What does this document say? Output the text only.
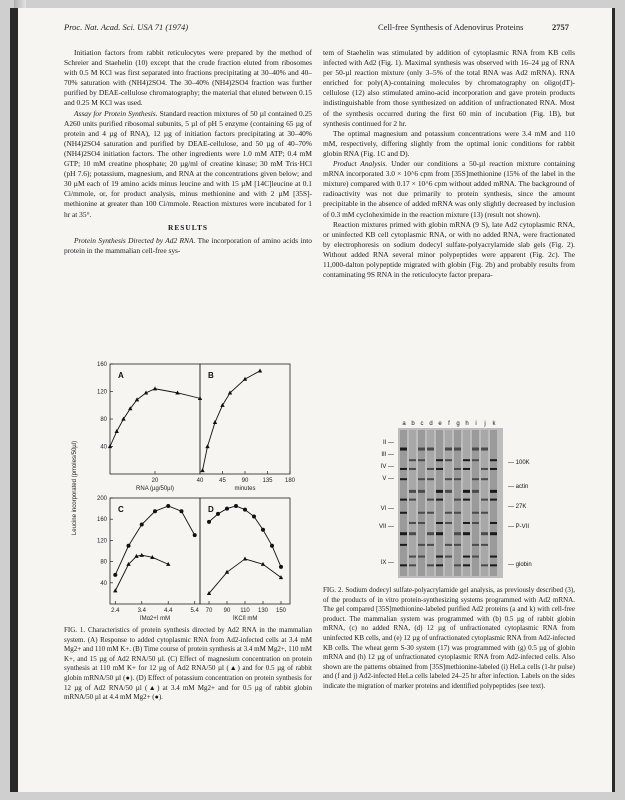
Proc. Nat. Acad. Sci. USA 71 (1974)	Cell-free Synthesis of Adenovirus Proteins	2757

Initiation factors from rabbit reticulocytes were prepared by the method of Schreier and Staehelin (10) except that the crude fraction eluted from ribosomes with 0.5 M KCl was first separated into fractions precipitating at 30–40% and 40–70% saturation with (NH4)2SO4. The 30–40% (NH4)2SO4 fraction was further purified by DEAE-cellulose chromatography; the material that eluted between 0.15 and 0.25 M KCl was used.

Assay for Protein Synthesis. Standard reaction mixtures of 50 µl contained 0.25 A260 units purified ribosomal subunits, 5 µl of pH 5 enzyme (containing 65 µg of protein and 4 µg of RNA), 12 µg of initiation factors precipitating at 30–40% (NH4)2SO4 saturation and purified by DEAE-cellulose, and 50 µg of 40–70% (NH4)2SO4 initiation factors. The other ingredients were 1.0 mM ATP; 0.4 mM GTP; 10 mM creatine phosphate; 20 µg/ml of creatine kinase; 30 mM Tris·HCl (pH 7.6); potassium, magnesium, and RNA at the concentrations given below; and 30 µM each of 19 amino acids minus leucine and with 15 µM [14C]leucine at 0.1 Ci/mmole, or, for product analysis, minus methionine and with 2 µM [35S]-methionine at greater than 100 Ci/mmole. Reaction mixtures were incubated for 1 hr at 35°.

RESULTS

Protein Synthesis Directed by Ad2 RNA. The incorporation of amino acids into protein in the mammalian cell-free sys-

Leucine incorporated (pmoles/50µl)
A
20	40
RNA (µg/50µl)
40
80
120
160
B
45	90 135 180
minutes
C
2.4	3.4	4.4	5.4
[Mg2+] mM
40
80
120
160
200
D
70 90 110 130 150
[KCl] mM

FIG. 1. Characteristics of protein synthesis directed by Ad2 RNA in the mammalian system. (A) Response to added cytoplasmic RNA from Ad2-infected cells at 3.4 mM Mg2+ and 110 mM K+. (B) Time course of protein synthesis at 3.4 mM Mg2+, 110 mM K+, and 15 µg of Ad2 RNA/50 µl. (C) Effect of magnesium concentration on protein synthesis at 110 mM K+ for 12 µg of Ad2 RNA/50 µl (▲) and for 0.5 µg of rabbit globin mRNA/50 µl (●). (D) Effect of potassium concentration on protein synthesis for 12 µg of Ad2 RNA/50 µl (▲) at 3.4 mM Mg2+ and for 0.5 µg of rabbit globin mRNA/50 µl at 4.4 mM Mg2+ (●).

tem of Staehelin was stimulated by addition of cytoplasmic RNA from KB cells infected with Ad2 (Fig. 1). Maximal synthesis was observed with 16–24 µg of RNA per 50-µl reaction mixture (only 3–5% of the total RNA was Ad2 mRNA). RNA enriched for poly(A)-containing molecules by chromatography on oligo(dT)-cellulose (12) also stimulated amino-acid incorporation and gave protein products indistinguishable from those synthesized on addition of unfractionated RNA. Most of the synthesis occurred during the first 60 min of incubation (Fig. 1B), but synthesis continued for 2 hr.

The optimal magnesium and potassium concentrations were 3.4 mM and 110 mM, respectively, differing slightly from the optimal ionic conditions for rabbit globin RNA (Fig. 1C and D).

Product Analysis. Under our conditions a 50-µl reaction mixture containing mRNA incorporated 3.0 × 10^6 cpm from [35S]methionine (15% of the label in the mixture) compared with 0.17 × 10^6 cpm without added mRNA. The background of radioactivity was not due primarily to protein synthesis, since the amount precipitable in the absence of added mRNA was only slightly decreased by inclusion of 0.3 mM cycloheximide in the reaction mixture (13) (result not shown).

Reaction mixtures primed with globin mRNA (9 S), late Ad2 cytoplasmic RNA, or uninfected KB cell cytoplasmic RNA, or with no added RNA, were fractionated by electrophoresis on sodium dodecyl sulfate-polyacrylamide slab gels (Fig. 2). Without added RNA several minor polypeptides were apparent (Fig. 2c). The 11,000-dalton polypeptide migrated with globin (Fig. 2b) and probably results from contaminating 9S RNA in the reticulocyte factor prepara-

a b c d e f g h i j k
II —
III —
IV —
V —
VI —
VII —
IX —
— 100K
— actin
— 27K
— P-VII
— globin

FIG. 2. Sodium dodecyl sulfate-polyacrylamide gel analysis, as previously described (3), of the products of in vitro protein-synthesizing systems programmed with Ad2 mRNA. The gel compared [35S]methionine-labeled purified Ad2 proteins (a and k) with cell-free product. The mammalian system was programmed with (b) 0.5 µg of rabbit globin mRNA, (c) no added RNA, (d) 12 µg of unfractionated cytoplasmic RNA from uninfected KB cells, and (e) 12 µg of unfractionated cytoplasmic RNA from Ad2-infected KB cells. The wheat germ S-30 system (17) was programmed with (g) 0.5 µg of globin mRNA and (h) 12 µg of unfractionated cytoplasmic RNA from Ad2-infected cells. Also shown are the patterns obtained from [35S]methionine-labeled (i) HeLa cells (1-hr pulse) and (f and j) Ad2-infected HeLa cells labeled 24–25 hr after infection. Labels on the sides indicate the migration of marker proteins and identified polypeptides (see text).
